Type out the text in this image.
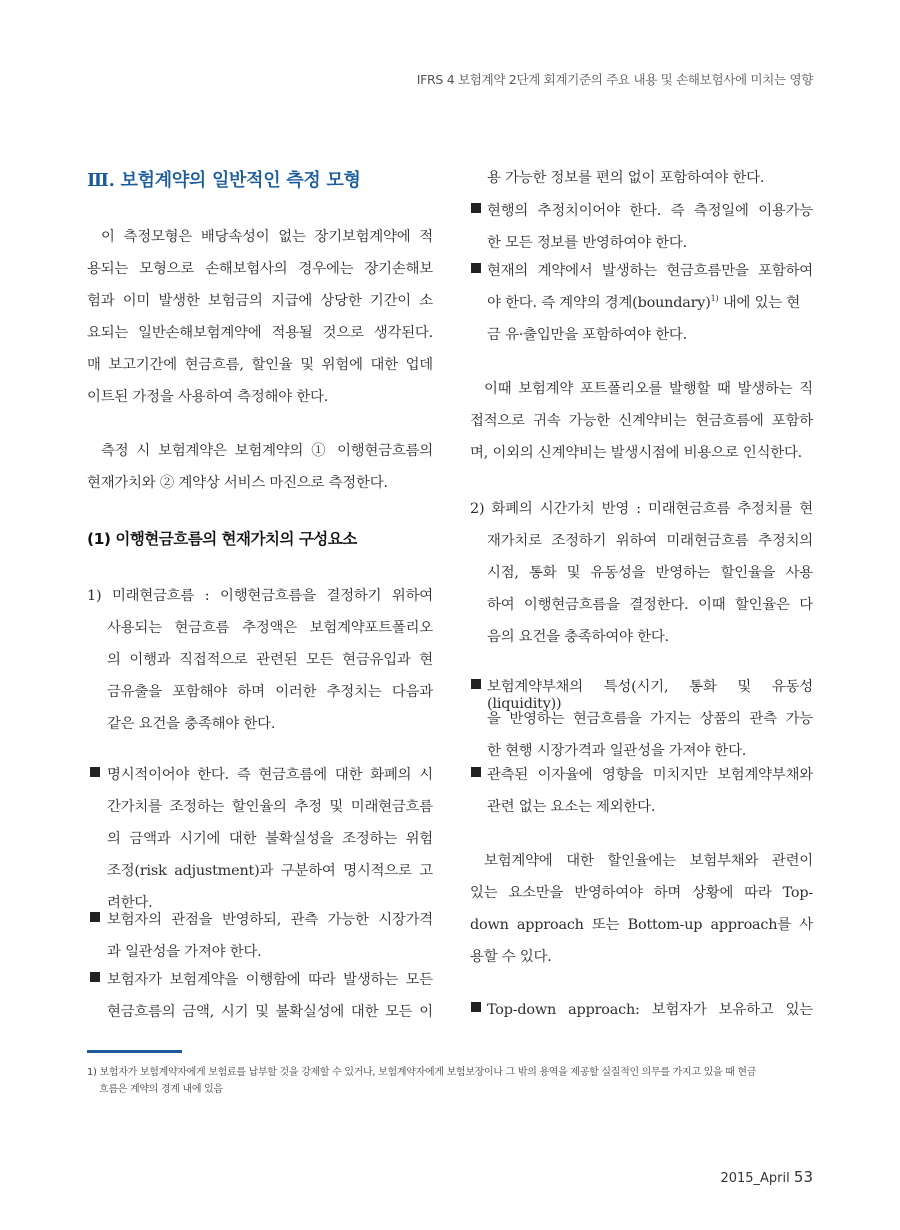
IFRS 4 보험계약 2단계 회계기준의 주요 내용 및 손해보험사에 미치는 영향
Ⅲ. 보험계약의 일반적인 측정 모형
이 측정모형은 배당속성이 없는 장기보험계약에 적
용되는 모형으로 손해보험사의 경우에는 장기손해보
험과 이미 발생한 보험금의 지급에 상당한 기간이 소
요되는 일반손해보험계약에 적용될 것으로 생각된다.
매 보고기간에 현금흐름, 할인율 및 위험에 대한 업데
이트된 가정을 사용하여 측정해야 한다.
측정 시 보험계약은 보험계약의 ① 이행현금흐름의
현재가치와 ② 계약상 서비스 마진으로 측정한다.
(1) 이행현금흐름의 현재가치의 구성요소
1) 미래현금흐름 : 이행현금흐름을 결정하기 위하여
사용되는 현금흐름 추정액은 보험계약포트폴리오
의 이행과 직접적으로 관련된 모든 현금유입과 현
금유출을 포함해야 하며 이러한 추정치는 다음과
같은 요건을 충족해야 한다.
명시적이어야 한다. 즉 현금흐름에 대한 화폐의 시
간가치를 조정하는 할인율의 추정 및 미래현금흐름
의 금액과 시기에 대한 불확실성을 조정하는 위험
조정(risk adjustment)과 구분하여 명시적으로 고
려한다.
보험자의 관점을 반영하되, 관측 가능한 시장가격
과 일관성을 가져야 한다.
보험자가 보험계약을 이행함에 따라 발생하는 모든
현금흐름의 금액, 시기 및 불확실성에 대한 모든 이
용 가능한 정보를 편의 없이 포함하여야 한다.
현행의 추정치이어야 한다. 즉 측정일에 이용가능
한 모든 정보를 반영하여야 한다.
현재의 계약에서 발생하는 현금흐름만을 포함하여
야 한다. 즉 계약의 경계(boundary)$^{1)}$ 내에 있는 현
금 유·출입만을 포함하여야 한다.
이때 보험계약 포트폴리오를 발행할 때 발생하는 직
접적으로 귀속 가능한 신계약비는 현금흐름에 포함하
며, 이외의 신계약비는 발생시점에 비용으로 인식한다.
2) 화폐의 시간가치 반영 : 미래현금흐름 추정치를 현
재가치로 조정하기 위하여 미래현금흐름 추정치의
시점, 통화 및 유동성을 반영하는 할인율을 사용
하여 이행현금흐름을 결정한다. 이때 할인율은 다
음의 요건을 충족하여야 한다.
보험계약부채의 특성(시기, 통화 및 유동성(liquidity))
을 반영하는 현금흐름을 가지는 상품의 관측 가능
한 현행 시장가격과 일관성을 가져야 한다.
관측된 이자율에 영향을 미치지만 보험계약부채와
관련 없는 요소는 제외한다.
보험계약에 대한 할인율에는 보험부채와 관련이
있는 요소만을 반영하여야 하며 상황에 따라 Top-
down approach 또는 Bottom-up approach를 사
용할 수 있다.
Top-down approach: 보험자가 보유하고 있는
1) 보험자가 보험계약자에게 보험료를 납부할 것을 강제할 수 있거나, 보험계약자에게 보험보장이나 그 밖의 용역을 제공할 실질적인 의무를 가지고 있을 때 현금
흐름은 계약의 경계 내에 있음
2015_April 53
